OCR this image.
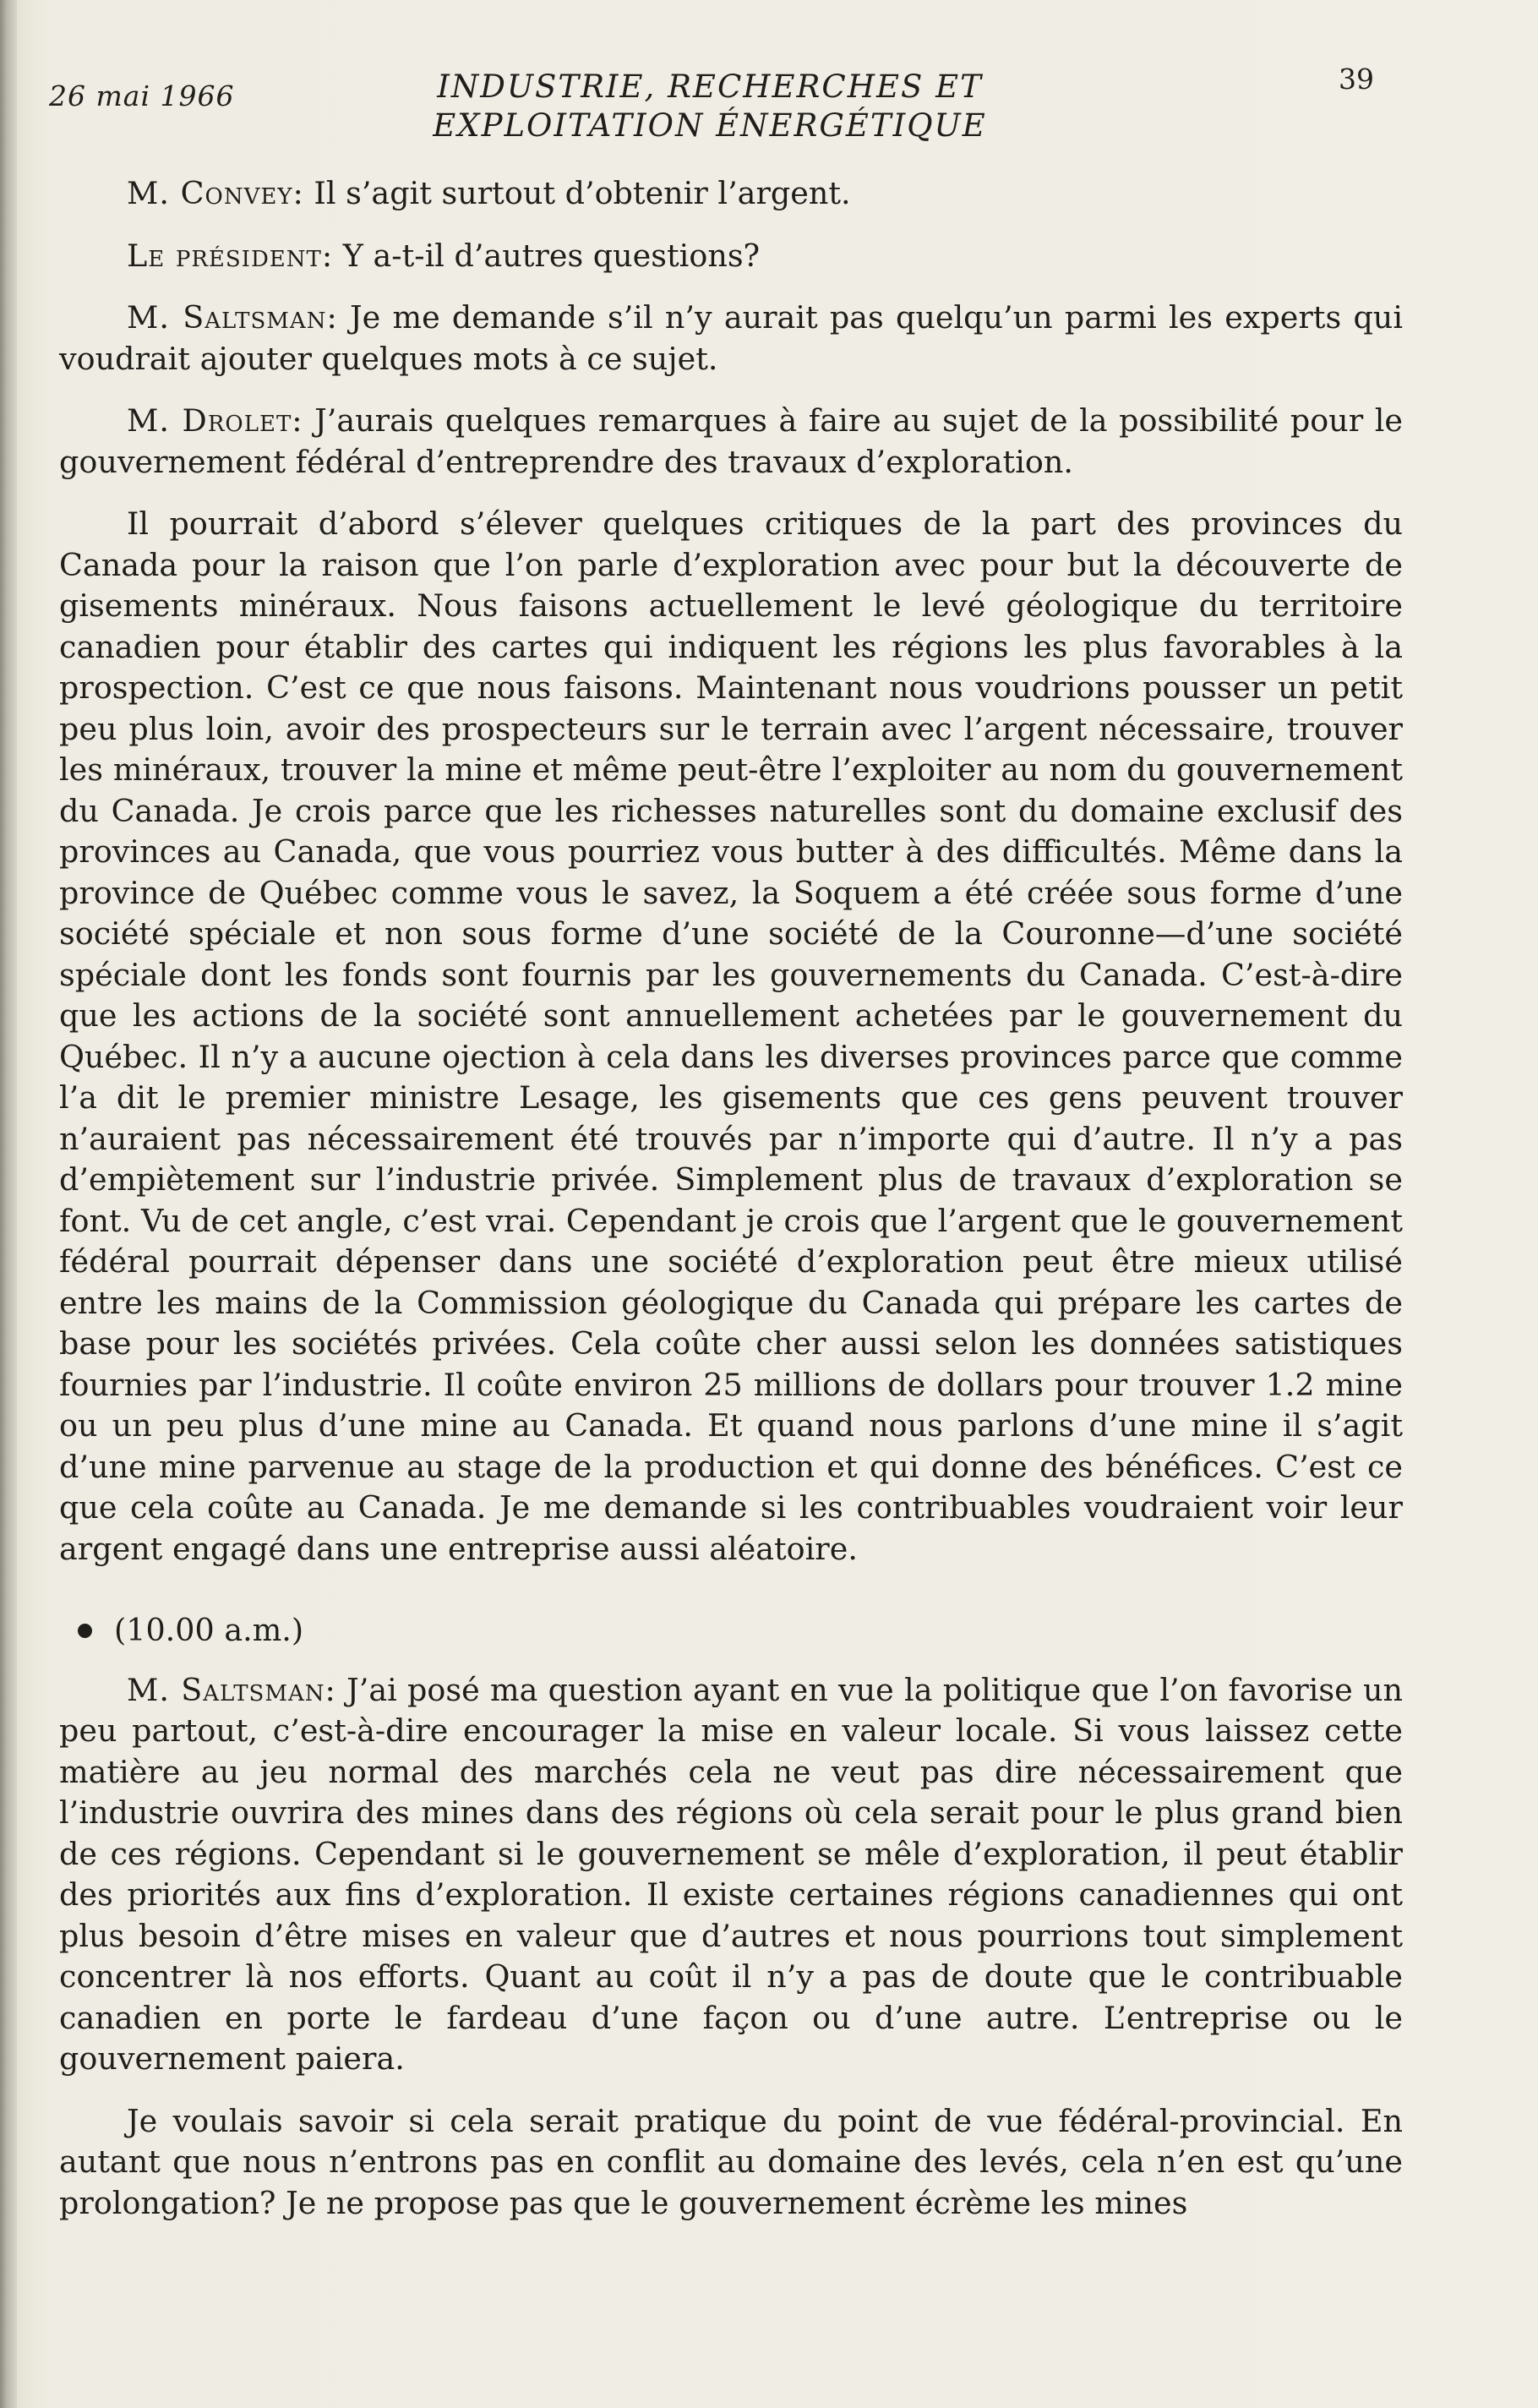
26 mai 1966	INDUSTRIE, RECHERCHES ET
EXPLOITATION ÉNERGÉTIQUE
39

M. Convey: Il s’agit surtout d’obtenir l’argent.

Le président: Y a-t-il d’autres questions?

M. Saltsman: Je me demande s’il n’y aurait pas quelqu’un parmi les experts qui voudrait ajouter quelques mots à ce sujet.

M. Drolet: J’aurais quelques remarques à faire au sujet de la possibilité pour le gouvernement fédéral d’entreprendre des travaux d’exploration.

Il pourrait d’abord s’élever quelques critiques de la part des provinces du Canada pour la raison que l’on parle d’exploration avec pour but la découverte de gisements minéraux. Nous faisons actuellement le levé géologique du territoire canadien pour établir des cartes qui indiquent les régions les plus favorables à la prospection. C’est ce que nous faisons. Maintenant nous voudrions pousser un petit peu plus loin, avoir des prospecteurs sur le terrain avec l’argent nécessaire, trouver les minéraux, trouver la mine et même peut-être l’exploiter au nom du gouvernement du Canada. Je crois parce que les richesses naturelles sont du domaine exclusif des provinces au Canada, que vous pourriez vous butter à des difficultés. Même dans la province de Québec comme vous le savez, la Soquem a été créée sous forme d’une société spéciale et non sous forme d’une société de la Couronne—d’une société spéciale dont les fonds sont fournis par les gouvernements du Canada. C’est-à-dire que les actions de la société sont annuellement achetées par le gouvernement du Québec. Il n’y a aucune ojection à cela dans les diverses provinces parce que comme l’a dit le premier ministre Lesage, les gisements que ces gens peuvent trouver n’auraient pas nécessairement été trouvés par n’importe qui d’autre. Il n’y a pas d’empiètement sur l’industrie privée. Simplement plus de travaux d’exploration se font. Vu de cet angle, c’est vrai. Cependant je crois que l’argent que le gouvernement fédéral pourrait dépenser dans une société d’exploration peut être mieux utilisé entre les mains de la Commission géologique du Canada qui prépare les cartes de base pour les sociétés privées. Cela coûte cher aussi selon les données satistiques fournies par l’industrie. Il coûte environ 25 millions de dollars pour trouver 1.2 mine ou un peu plus d’une mine au Canada. Et quand nous parlons d’une mine il s’agit d’une mine parvenue au stage de la production et qui donne des bénéfices. C’est ce que cela coûte au Canada. Je me demande si les contribuables voudraient voir leur argent engagé dans une entreprise aussi aléatoire.

(10.00 a.m.)

M. Saltsman: J’ai posé ma question ayant en vue la politique que l’on favorise un peu partout, c’est-à-dire encourager la mise en valeur locale. Si vous laissez cette matière au jeu normal des marchés cela ne veut pas dire nécessairement que l’industrie ouvrira des mines dans des régions où cela serait pour le plus grand bien de ces régions. Cependant si le gouvernement se mêle d’exploration, il peut établir des priorités aux fins d’exploration. Il existe certaines régions canadiennes qui ont plus besoin d’être mises en valeur que d’autres et nous pourrions tout simplement concentrer là nos efforts. Quant au coût il n’y a pas de doute que le contribuable canadien en porte le fardeau d’une façon ou d’une autre. L’entreprise ou le gouvernement paiera.

Je voulais savoir si cela serait pratique du point de vue fédéral-provincial. En autant que nous n’entrons pas en conflit au domaine des levés, cela n’en est qu’une prolongation? Je ne propose pas que le gouvernement écrème les mines
